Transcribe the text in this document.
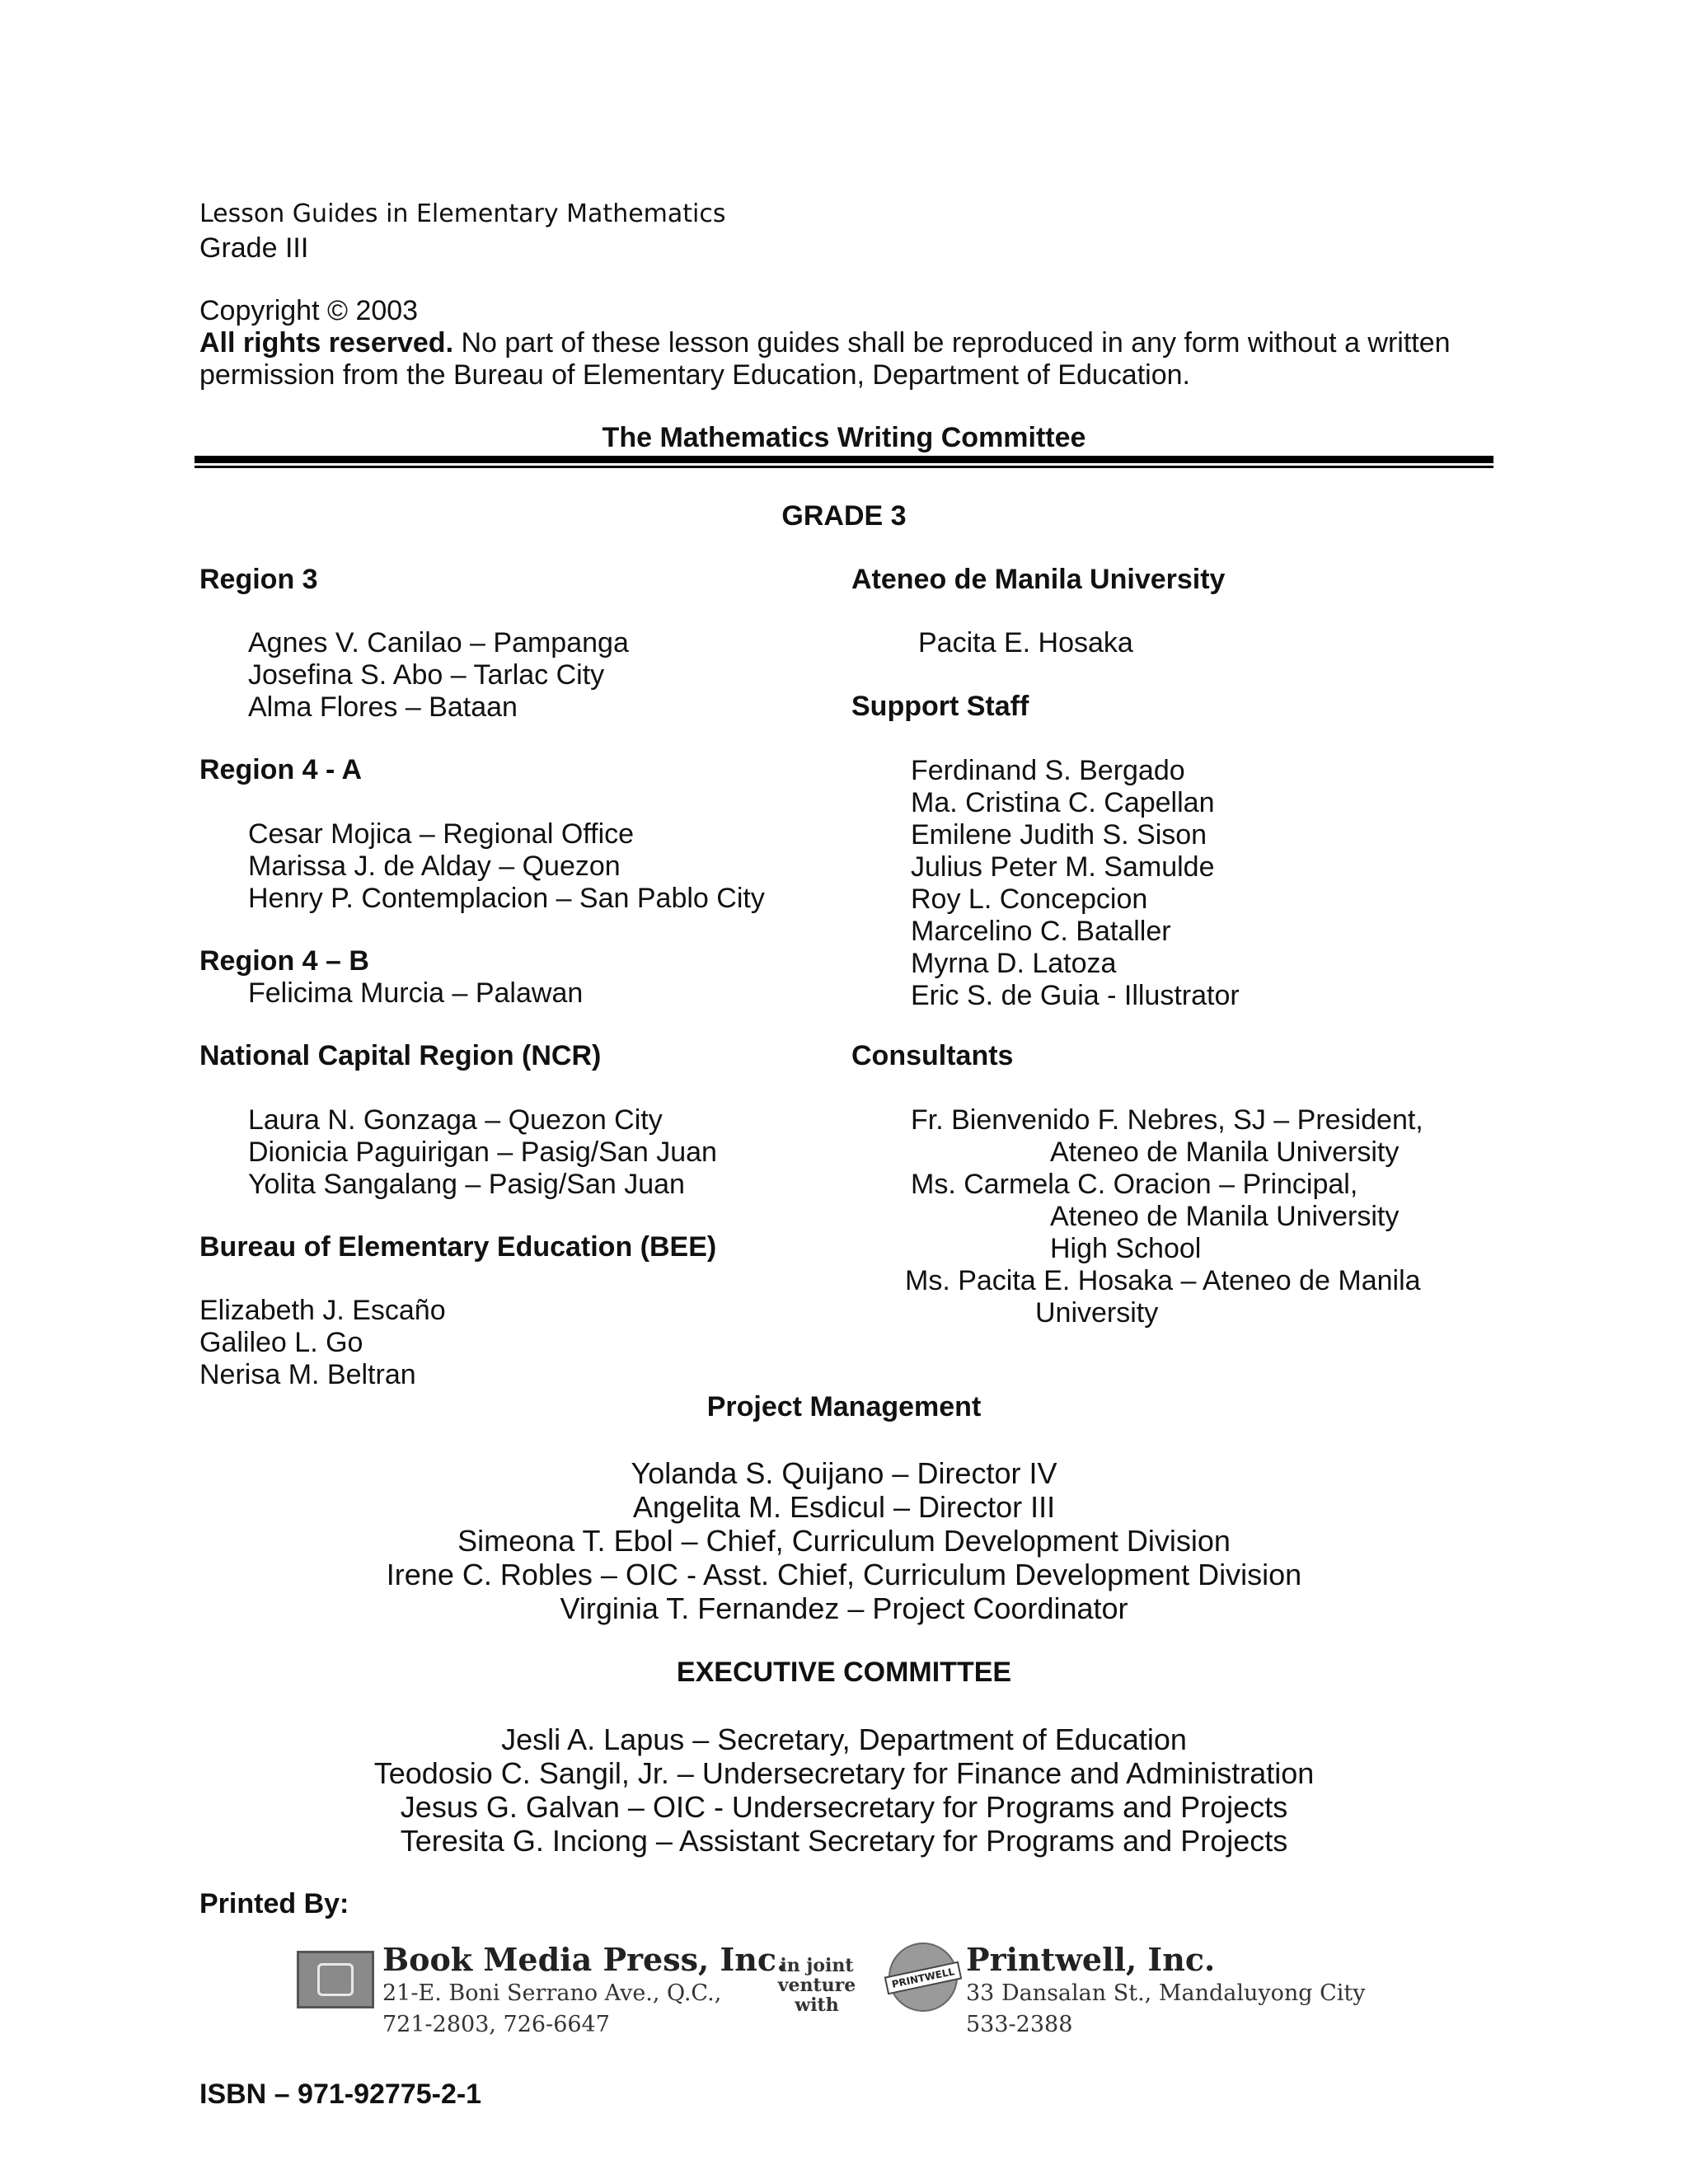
Lesson Guides in Elementary Mathematics
Grade III
Copyright © 2003
All rights reserved. No part of these lesson guides shall be reproduced in any form without a written
permission from the Bureau of Elementary Education, Department of Education.
The Mathematics Writing Committee
GRADE 3
Region 3
Agnes V. Canilao – Pampanga
Josefina S. Abo – Tarlac City
Alma Flores – Bataan
Region 4 - A
Cesar Mojica – Regional Office
Marissa J. de Alday – Quezon
Henry P. Contemplacion – San Pablo City
Region 4 – B
Felicima Murcia – Palawan
National Capital Region (NCR)
Laura N. Gonzaga – Quezon City
Dionicia Paguirigan – Pasig/San Juan
Yolita Sangalang – Pasig/San Juan
Bureau of Elementary Education (BEE)
Elizabeth J. Escaño
Galileo L. Go
Nerisa M. Beltran
Ateneo de Manila University
Pacita E. Hosaka
Support Staff
Ferdinand S. Bergado
Ma. Cristina C. Capellan
Emilene Judith S. Sison
Julius Peter M. Samulde
Roy L. Concepcion
Marcelino C. Bataller
Myrna D. Latoza
Eric S. de Guia - Illustrator
Consultants
Fr. Bienvenido F. Nebres, SJ – President,
Ateneo de Manila University
Ms. Carmela C. Oracion – Principal,
Ateneo de Manila University
High School
Ms. Pacita E. Hosaka – Ateneo de Manila
University
Project Management
Yolanda S. Quijano – Director IV
Angelita M. Esdicul – Director III
Simeona T. Ebol – Chief, Curriculum Development Division
Irene C. Robles – OIC - Asst. Chief, Curriculum Development Division
Virginia T. Fernandez – Project Coordinator
EXECUTIVE COMMITTEE
Jesli A. Lapus – Secretary, Department of Education
Teodosio C. Sangil, Jr. – Undersecretary for Finance and Administration
Jesus G. Galvan – OIC - Undersecretary for Programs and Projects
Teresita G. Inciong – Assistant Secretary for Programs and Projects
Printed By:
Book Media Press, Inc.
21-E. Boni Serrano Ave., Q.C.,
721-2803, 726-6647
in joint venture with
PRINTWELL Printwell, Inc.
33 Dansalan St., Mandaluyong City
533-2388
ISBN – 971-92775-2-1
